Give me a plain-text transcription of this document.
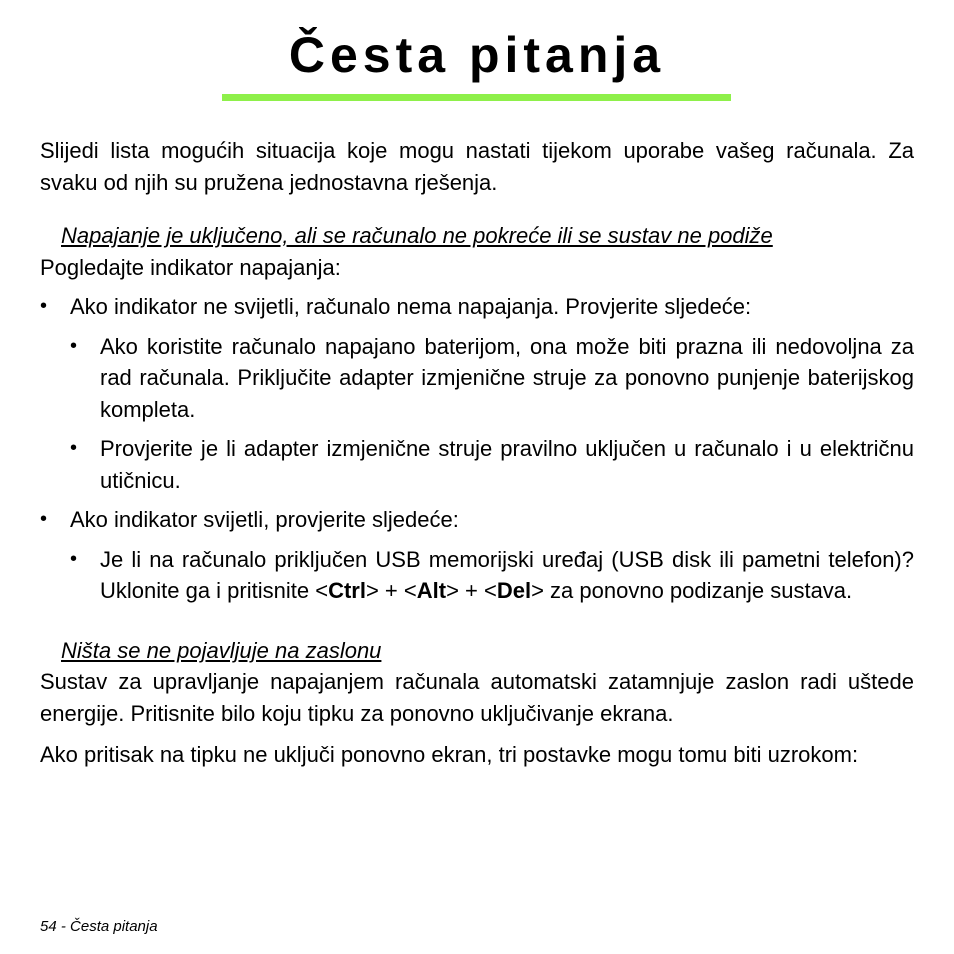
Česta pitanja

Slijedi lista mogućih situacija koje mogu nastati tijekom uporabe vašeg računala. Za svaku od njih su pružena jednostavna rješenja.

Napajanje je uključeno, ali se računalo ne pokreće ili se sustav ne podiže

Pogledajte indikator napajanja:

• Ako indikator ne svijetli, računalo nema napajanja. Provjerite sljedeće:

• Ako koristite računalo napajano baterijom, ona može biti prazna ili nedovoljna za rad računala. Priključite adapter izmjenične struje za ponovno punjenje baterijskog kompleta.

• Provjerite je li adapter izmjenične struje pravilno uključen u računalo i u električnu utičnicu.

• Ako indikator svijetli, provjerite sljedeće:

• Je li na računalo priključen USB memorijski uređaj (USB disk ili pametni telefon)? Uklonite ga i pritisnite <Ctrl> + <Alt> + <Del> za ponovno podizanje sustava.

Ništa se ne pojavljuje na zaslonu

Sustav za upravljanje napajanjem računala automatski zatamnjuje zaslon radi uštede energije. Pritisnite bilo koju tipku za ponovno uključivanje ekrana.

Ako pritisak na tipku ne uključi ponovno ekran, tri postavke mogu tomu biti uzrokom:

54 - Česta pitanja
